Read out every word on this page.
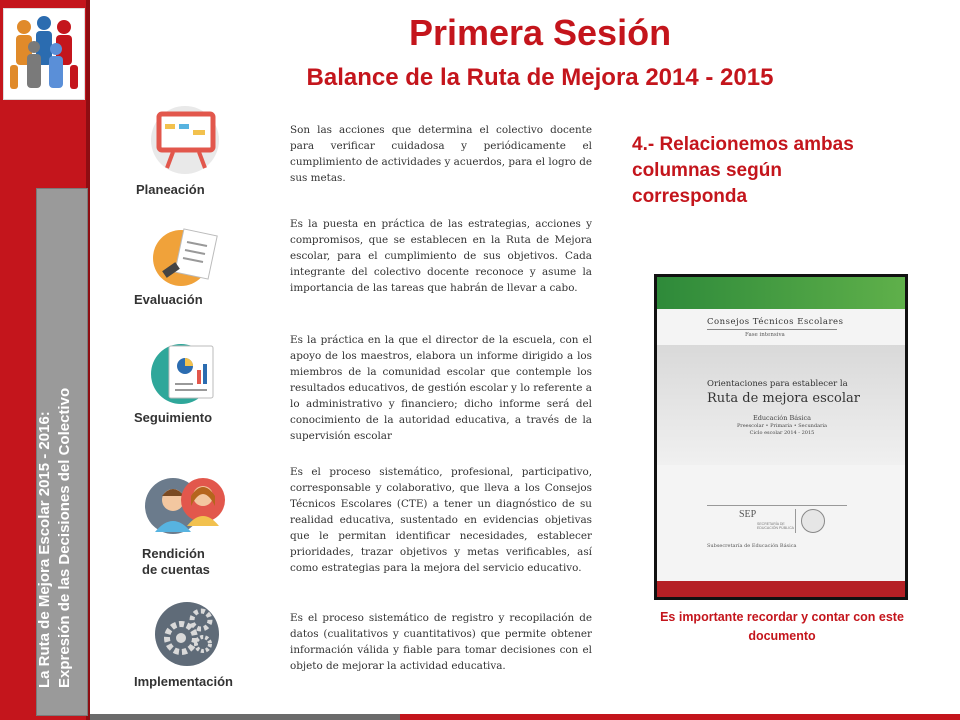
La Ruta de Mejora Escolar 2015 - 2016: Expresión de las Decisiones del Colectivo
Primera Sesión
Balance de la Ruta de Mejora 2014 - 2015
Planeación
Evaluación
Seguimiento
Rendición
de cuentas
Implementación
Son las acciones que determina el colectivo docente para verificar cuidadosa y periódicamente el cumplimiento de actividades y acuerdos, para el logro de sus metas.
Es la puesta en práctica de las estrategias, acciones y compromisos, que se establecen en la Ruta de Mejora escolar, para el cumplimiento de sus objetivos. Cada integrante del colectivo docente reconoce y asume la importancia de las tareas que habrán de llevar a cabo.
Es la práctica en la que el director de la escuela, con el apoyo de los maestros, elabora un informe dirigido a los miembros de la comunidad escolar que contemple los resultados educativos, de gestión escolar y lo referente a lo administrativo y financiero; dicho informe será del conocimiento de la autoridad educativa, a través de la supervisión escolar
Es el proceso sistemático, profesional, participativo, corresponsable y colaborativo, que lleva a los Consejos Técnicos Escolares (CTE) a tener un diagnóstico de su realidad educativa, sustentado en evidencias objetivas que le permitan identificar necesidades, establecer prioridades, trazar objetivos y metas verificables, así como estrategias para la mejora del servicio educativo.
Es el proceso sistemático de registro y recopilación de datos (cualitativos y cuantitativos) que permite obtener información válida y fiable para tomar decisiones con el objeto de mejorar la actividad educativa.
4.- Relacionemos ambas columnas según corresponda
Consejos Técnicos Escolares
Fase intensiva
Orientaciones para establecer la
Ruta de mejora escolar
Educación Básica
Preescolar • Primaria • Secundaria
Ciclo escolar 2014 - 2015
SEP
SECRETARÍA DE
EDUCACIÓN PÚBLICA
Subsecretaría de Educación Básica
Es importante recordar y contar con este documento
